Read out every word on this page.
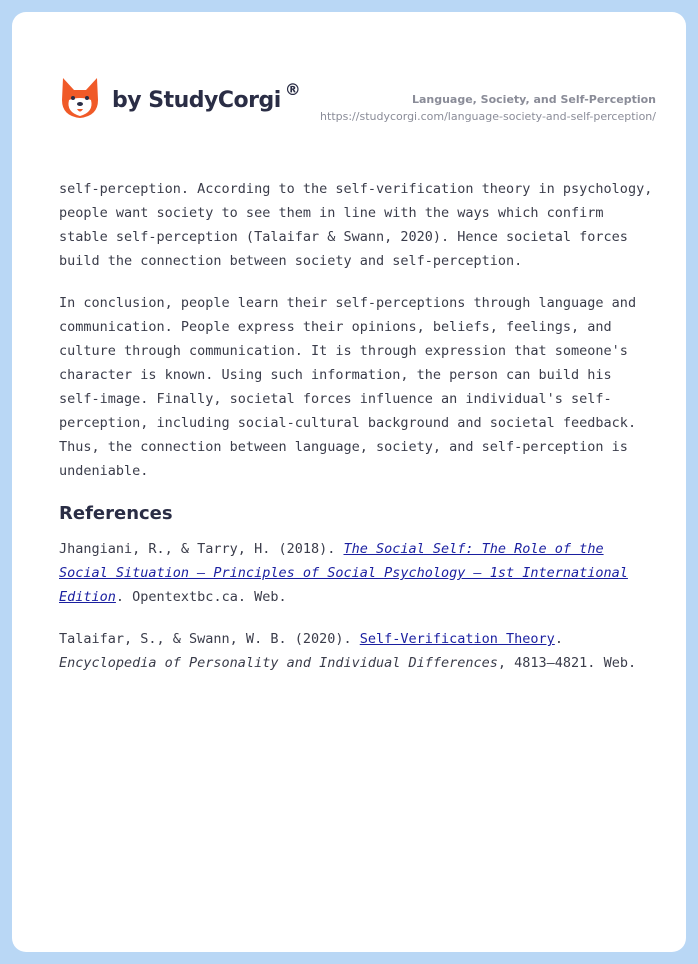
by StudyCorgi ®
Language, Society, and Self-Perception
https://studycorgi.com/language-society-and-self-perception/

self-perception. According to the self-verification theory in psychology, people want society to see them in line with the ways which confirm stable self-perception (Talaifar & Swann, 2020). Hence societal forces build the connection between society and self-perception.

In conclusion, people learn their self-perceptions through language and communication. People express their opinions, beliefs, feelings, and culture through communication. It is through expression that someone's character is known. Using such information, the person can build his self-image. Finally, societal forces influence an individual's self-perception, including social-cultural background and societal feedback. Thus, the connection between language, society, and self-perception is undeniable.

References

Jhangiani, R., & Tarry, H. (2018). The Social Self: The Role of the Social Situation – Principles of Social Psychology – 1st International Edition. Opentextbc.ca. Web.

Talaifar, S., & Swann, W. B. (2020). Self-Verification Theory. Encyclopedia of Personality and Individual Differences, 4813–4821. Web.
